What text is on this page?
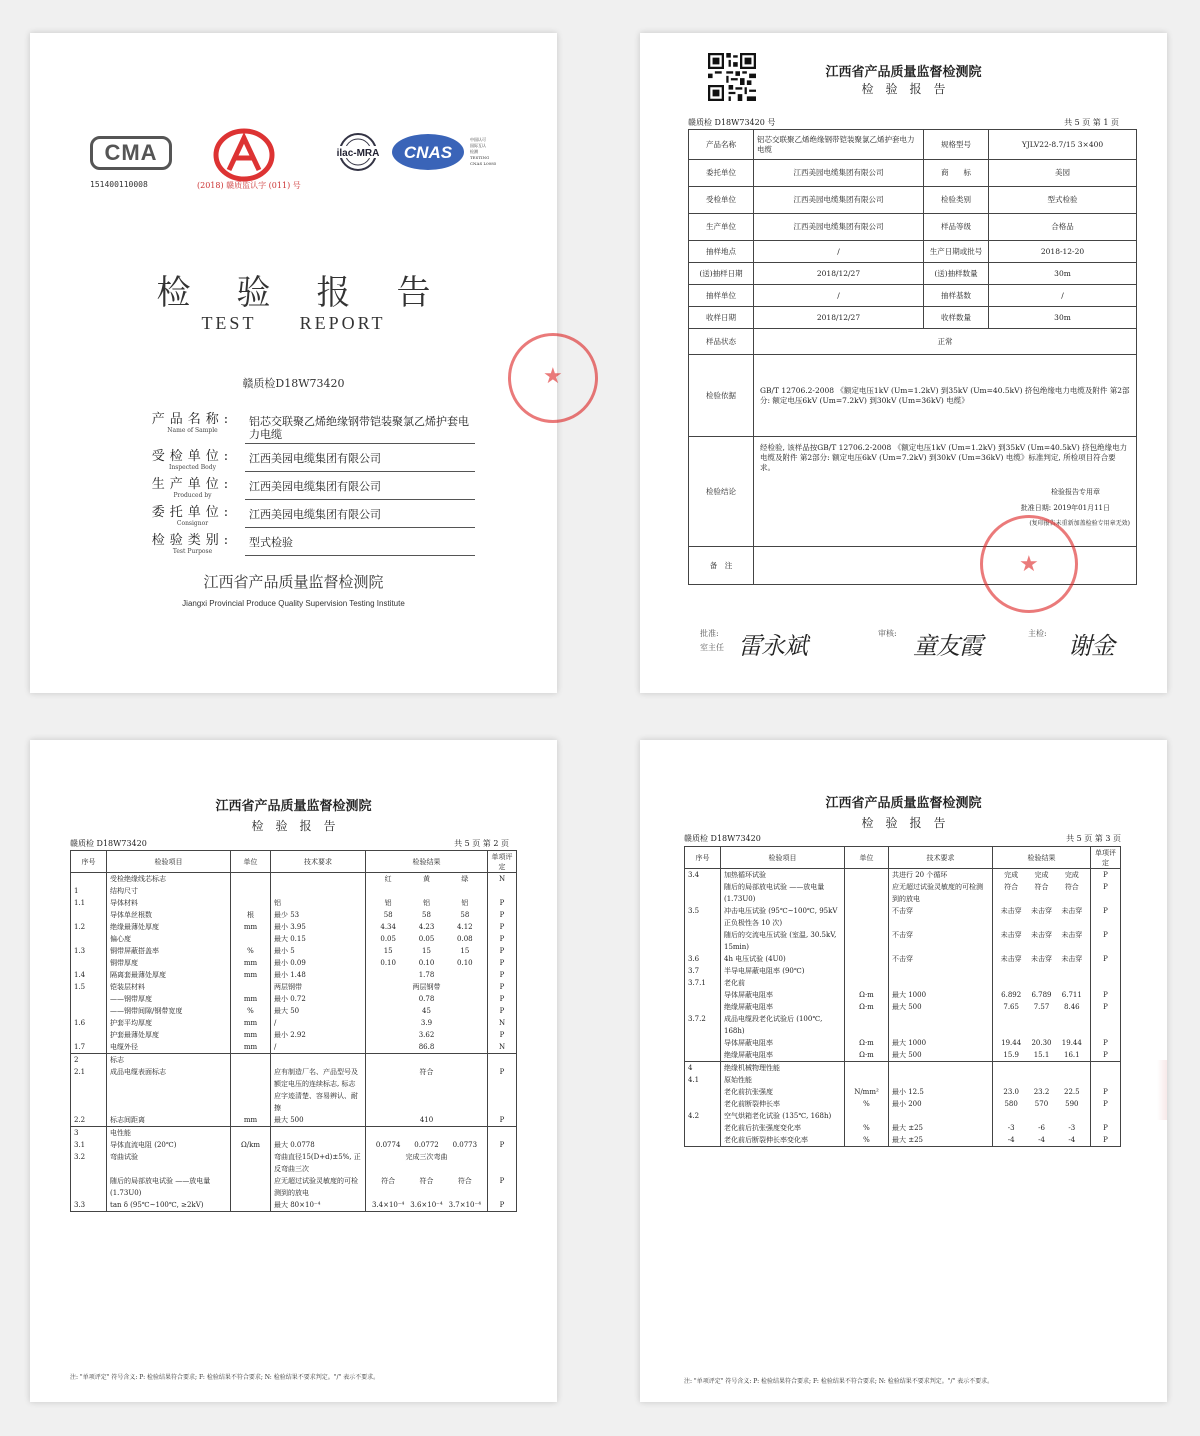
CMA
151400110008	(2018) 赣质监认字 (011) 号
ilac-MRA CNAS
中国认可
国际互认
检测
TESTING
CNAS L0085
检验报告
TEST REPORT
赣质检D18W73420
产品名称:
Name of Sample
铝芯交联聚乙烯绝缘钢带铠装聚氯乙烯护套电力电缆
受检单位:
Inspected Body
江西美园电缆集团有限公司
生产单位:
Produced by
江西美园电缆集团有限公司
委托单位:
Consignor
江西美园电缆集团有限公司
检验类别:
Test Purpose
型式检验
江西省产品质量监督检测院
Jiangxi Provincial Produce Quality Supervision Testing Institute
★
江西省产品质量监督检测院
检验报告
赣质检 D18W73420 号	共 5 页 第 1 页
产品名称	铝芯交联聚乙烯绝缘钢带铠装聚氯乙烯护套电力电缆	规格型号	YJLV22-8.7/15 3×400
委托单位	江西美园电缆集团有限公司	商　　标	美园
受检单位	江西美园电缆集团有限公司	检验类别	型式检验
生产单位	江西美园电缆集团有限公司	样品等级	合格品
抽样地点	/	生产日期或批号	2018-12-20
(送)抽样日期	2018/12/27	(送)抽样数量	30m
抽样单位	/	抽样基数	/
收样日期	2018/12/27	收样数量	30m
样品状态	正常		
检验依据	GB/T 12706.2-2008 《额定电压1kV (Um=1.2kV) 到35kV (Um=40.5kV) 挤包绝缘电力电缆及附件 第2部分: 额定电压6kV (Um=7.2kV) 到30kV (Um=36kV) 电缆》		
检验结论	经检验, 该样品按GB/T 12706.2-2008 《额定电压1kV (Um=1.2kV) 到35kV (Um=40.5kV) 挤包绝缘电力电缆及附件 第2部分: 额定电压6kV (Um=7.2kV) 到30kV (Um=36kV) 电缆》标准判定, 所检项目符合要求。
检验报告专用章
批准日期: 2019年01月11日
(复印报告未重新加盖检验专用章无效)		

备　注				★
批准:
室主任 雷永斌	审核: 童友霞	主检: 谢金
江西省产品质量监督检测院
检验报告
赣质检 D18W73420	共 5 页 第 2 页
序号	检验项目	单位	技术要求	检验结果	单项评定
	受检绝缘线芯标志			红 黄 绿	N
1	结构尺寸				
1.1	导体材料		铝	铝 铝 铝	P
	导体单丝根数	根	最少 53	58 58 58	P
1.2	绝缘最薄处厚度	mm	最小 3.95	4.34 4.23 4.12	P
	偏心度		最大 0.15	0.05 0.05 0.08	P
1.3	铜带屏蔽搭盖率	%	最小 5	15 15 15	P
	铜带厚度	mm	最小 0.09	0.10 0.10 0.10	P
1.4	隔离套最薄处厚度	mm	最小 1.48	1.78	P
1.5	铠装层材料		两层钢带	两层钢带	P
	——钢带厚度	mm	最小 0.72	0.78	P
	——钢带间隙/钢带宽度	%	最大 50	45	P
1.6	护套平均厚度	mm	/	3.9	N
	护套最薄处厚度	mm	最小 2.92	3.62	P
1.7	电缆外径	mm	/	86.8	N
2	标志				
2.1	成品电缆表面标志		应有制造厂名、产品型号及额定电压的连续标志, 标志应字迹清楚、容易辨认、耐擦	符合	P
2.2	标志间距离	mm	最大 500	410	P
3	电性能				
3.1	导体直流电阻 (20℃)	Ω/km	最大 0.0778	0.0774 0.0772 0.0773	P
3.2	弯曲试验		弯曲直径15(D+d)±5%, 正反弯曲三次	完成三次弯曲	
	随后的局部放电试验 ——放电量 (1.73U0)		应无超过试验灵敏度的可检测到的放电	符合 符合 符合	P
3.3	tan δ (95℃~100℃, ≥2kV)		最大 80×10⁻⁴	3.4×10⁻⁴ 3.6×10⁻⁴ 3.7×10⁻⁴	P
注: "单项评定" 符号含义: P: 检验结果符合要求; F: 检验结果不符合要求; N: 检验结果不要求判定。"/" 表示不要求。
江西省产品质量监督检测院
检验报告
赣质检 D18W73420	共 5 页 第 3 页
序号	检验项目	单位	技术要求	检验结果	单项评定
3.4	加热循环试验		共进行 20 个循环	完成 完成 完成	P
	随后的局部放电试验 ——放电量 (1.73U0)		应无超过试验灵敏度的可检测到的放电	符合 符合 符合	P
3.5	冲击电压试验 (95℃~100℃, 95kV 正负极性各 10 次)		不击穿	未击穿 未击穿 未击穿	P
	随后的交流电压试验 (室温, 30.5kV, 15min)		不击穿	未击穿 未击穿 未击穿	P
3.6	4h 电压试验 (4U0)		不击穿	未击穿 未击穿 未击穿	P
3.7	半导电屏蔽电阻率 (90℃)				
3.7.1	老化前				
	导体屏蔽电阻率	Ω·m	最大 1000	6.892 6.789 6.711	P
	绝缘屏蔽电阻率	Ω·m	最大 500	7.65 7.57 8.46	P
3.7.2	成品电缆段老化试验后 (100℃, 168h)				
	导体屏蔽电阻率	Ω·m	最大 1000	19.44 20.30 19.44	P
	绝缘屏蔽电阻率	Ω·m	最大 500	15.9 15.1 16.1	P
4	绝缘机械物理性能				
4.1	原始性能				
	老化前抗张强度	N/mm²	最小 12.5	23.0 23.2 22.5	P
	老化前断裂伸长率	%	最小 200	580 570 590	P
4.2	空气烘箱老化试验 (135℃, 168h)				
	老化前后抗张强度变化率	%	最大 ±25	-3 -6 -3	P
	老化前后断裂伸长率变化率	%	最大 ±25	-4 -4 -4	P
注: "单项评定" 符号含义: P: 检验结果符合要求; F: 检验结果不符合要求; N: 检验结果不要求判定。"/" 表示不要求。
